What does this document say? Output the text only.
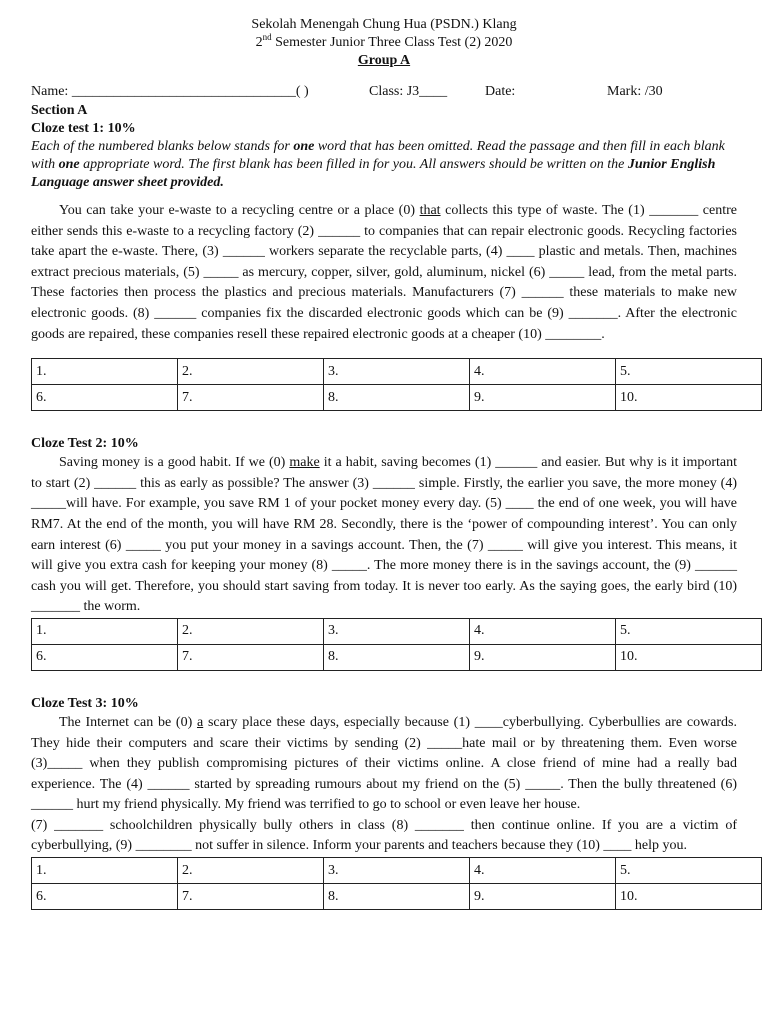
Sekolah Menengah Chung Hua (PSDN.) Klang
2nd Semester Junior Three Class Test (2) 2020
Group A
Name: ________________________________( )	Class: J3____	Date:	Mark: /30
Section A
Cloze test 1: 10%

Each of the numbered blanks below stands for one word that has been omitted. Read the passage and then fill in each blank with one appropriate word. The first blank has been filled in for you. All answers should be written on the Junior English Language answer sheet provided.

You can take your e-waste to a recycling centre or a place (0) that collects this type of waste. The (1) _______ centre either sends this e-waste to a recycling factory (2) ______ to companies that can repair electronic goods. Recycling factories take apart the e-waste. There, (3) ______ workers separate the recyclable parts, (4) ____ plastic and metals. Then, machines extract precious materials, (5) _____ as mercury, copper, silver, gold, aluminum, nickel (6) _____ lead, from the metal parts. These factories then process the plastics and precious materials. Manufacturers (7) ______ these materials to make new electronic goods. (8) ______ companies fix the discarded electronic goods which can be (9) _______. After the electronic goods are repaired, these companies resell these repaired electronic goods at a cheaper (10) ________.

1.	2.	3.	4.	5.
6.	7.	8.	9.	10.
Cloze Test 2: 10%

Saving money is a good habit. If we (0) make it a habit, saving becomes (1) ______ and easier. But why is it important to start (2) ______ this as early as possible? The answer (3) ______ simple. Firstly, the earlier you save, the more money (4) _____will have. For example, you save RM 1 of your pocket money every day. (5) ____ the end of one week, you will have RM7. At the end of the month, you will have RM 28. Secondly, there is the ‘power of compounding interest’. You can only earn interest (6) _____ you put your money in a savings account. Then, the (7) _____ will give you interest. This means, it will give you extra cash for keeping your money (8) _____. The more money there is in the savings account, the (9) ______ cash you will get. Therefore, you should start saving from today. It is never too early. As the saying goes, the early bird (10) _______ the worm.

1.	2.	3.	4.	5.
6.	7.	8.	9.	10.
Cloze Test 3: 10%

The Internet can be (0) a scary place these days, especially because (1) ____cyberbullying. Cyberbullies are cowards. They hide their computers and scare their victims by sending (2) _____hate mail or by threatening them. Even worse (3)_____ when they publish compromising pictures of their victims online. A close friend of mine had a really bad experience. The (4) ______ started by spreading rumours about my friend on the (5) _____. Then the bully threatened (6) ______ hurt my friend physically. My friend was terrified to go to school or even leave her house.

(7) _______ schoolchildren physically bully others in class (8) _______ then continue online. If you are a victim of cyberbullying, (9) ________ not suffer in silence. Inform your parents and teachers because they (10) ____ help you.

1.	2.	3.	4.	5.
6.	7.	8.	9.	10.
